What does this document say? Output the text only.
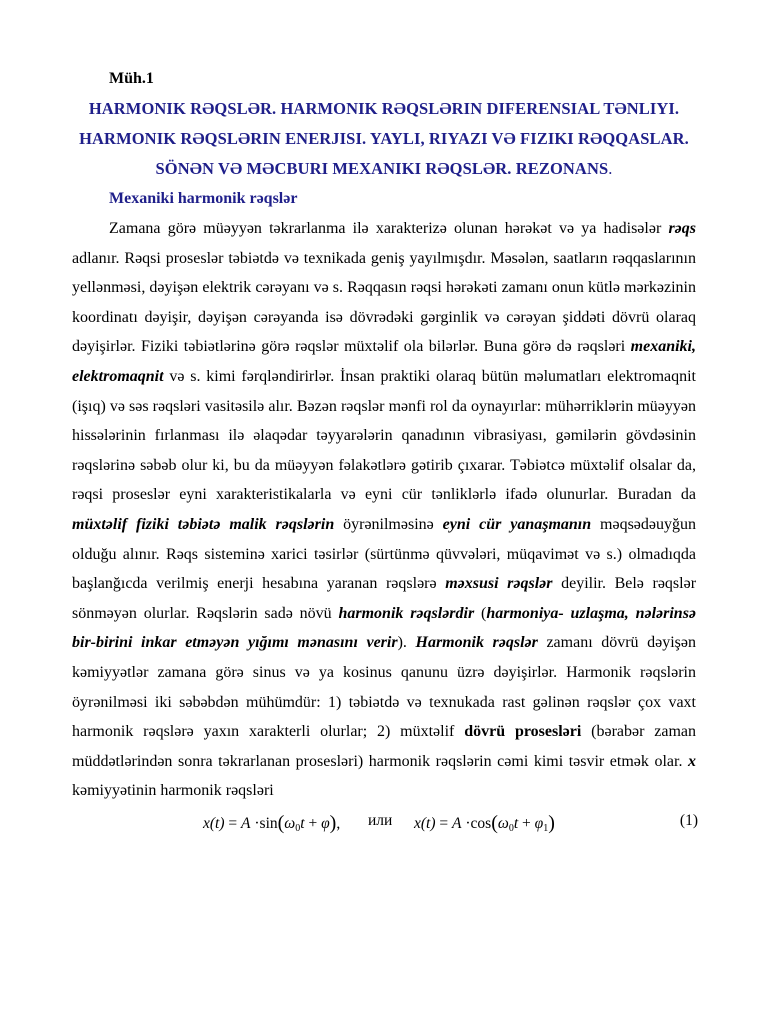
Müh.1

HARMONIK RƏQSLƏR. HARMONIK RƏQSLƏRIN DIFERENSIAL TƏNLIYI. HARMONIK RƏQSLƏRIN ENERJISI. YAYLI, RIYAZI VƏ FIZIKI RƏQQASLAR. SÖNƏN VƏ MƏCBURI MEXANIKI RƏQSLƏR. REZONANS.

Mexaniki harmonik rəqslər

Zamana görə müəyyən təkrarlanma ilə xarakterizə olunan hərəkət və ya hadisələr rəqs adlanır. Rəqsi proseslər təbiətdə və texnikada geniş yayılmışdır. Məsələn, saatların rəqqaslarının yellənməsi, dəyişən elektrik cərəyanı və s. Rəqqasın rəqsi hərəkəti zamanı onun kütlə mərkəzinin koordinatı dəyişir, dəyişən cərəyanda isə dövrədəki gərginlik və cərəyan şiddəti dövrü olaraq dəyişirlər. Fiziki təbiətlərinə görə rəqslər müxtəlif ola bilərlər. Buna görə də rəqsləri mexaniki, elektromaqnit və s. kimi fərqləndirirlər. İnsan praktiki olaraq bütün məlumatları elektromaqnit (işıq) və səs rəqsləri vasitəsilə alır. Bəzən rəqslər mənfi rol da oynayırlar: mühərriklərin müəyyən hissələrinin fırlanması ilə əlaqədar təyyarələrin qanadının vibrasiyası, gəmilərin gövdəsinin rəqslərinə səbəb olur ki, bu da müəyyən fəlakətlərə gətirib çıxarar. Təbiətcə müxtəlif olsalar da, rəqsi proseslər eyni xarakteristikalarla və eyni cür tənliklərlə ifadə olunurlar. Buradan da müxtəlif fiziki təbiətə malik rəqslərin öyrənilməsinə eyni cür yanaşmanın məqsədəuyğun olduğu alınır. Rəqs sisteminə xarici təsirlər (sürtünmə qüvvələri, müqavimət və s.) olmadıqda başlanğıcda verilmiş enerji hesabına yaranan rəqslərə məxsusi rəqslər deyilir. Belə rəqslər sönməyən olurlar. Rəqslərin sadə növü harmonik rəqslərdir (harmoniya- uzlaşma, nələrinsə bir-birini inkar etməyən yığımı mənasını verir). Harmonik rəqslər zamanı dövrü dəyişən kəmiyyətlər zamana görə sinus və ya kosinus qanunu üzrə dəyişirlər. Harmonik rəqslərin öyrənilməsi iki səbəbdən mühümdür: 1) təbiətdə və texnukada rast gəlinən rəqslər çox vaxt harmonik rəqslərə yaxın xarakterli olurlar; 2) müxtəlif dövrü prosesləri (bərabər zaman müddətlərindən sonra təkrarlanan prosesləri) harmonik rəqslərin cəmi kimi təsvir etmək olar. x kəmiyyətinin harmonik rəqsləri

$x(t) = A \cdot\sin(\omega_0t + \varphi)$, или $x(t) = A \cdot\cos(\omega_0t + \varphi_1)$	(1)
